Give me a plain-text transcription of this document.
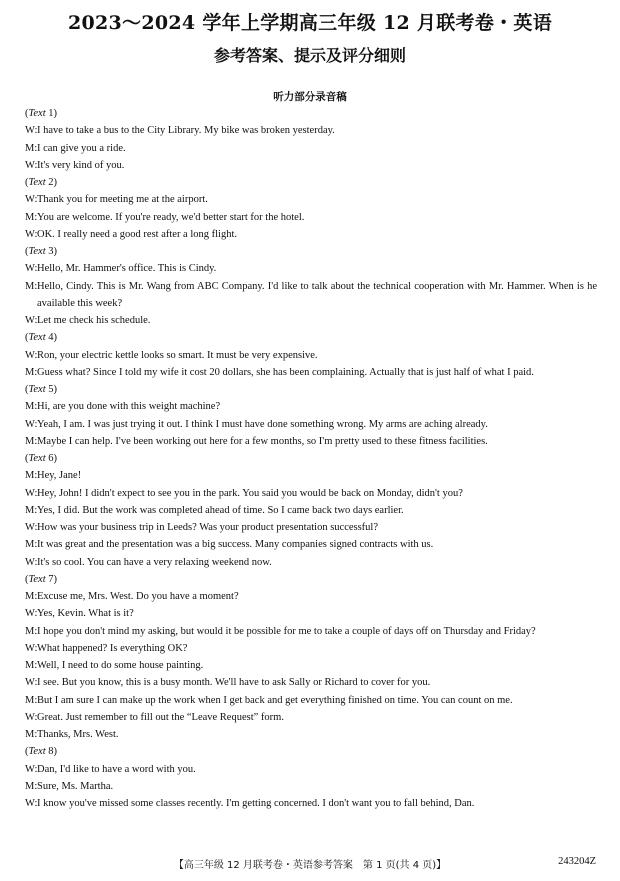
2023～2024 学年上学期高三年级 12 月联考卷・英语
参考答案、提示及评分细则
听力部分录音稿
(Text 1)
W: I have to take a bus to the City Library. My bike was broken yesterday.
M: I can give you a ride.
W: It's very kind of you.
(Text 2)
W: Thank you for meeting me at the airport.
M: You are welcome. If you're ready, we'd better start for the hotel.
W: OK. I really need a good rest after a long flight.
(Text 3)
W: Hello, Mr. Hammer's office. This is Cindy.
M: Hello, Cindy. This is Mr. Wang from ABC Company. I'd like to talk about the technical cooperation with Mr. Hammer. When is he available this week?
W: Let me check his schedule.
(Text 4)
W: Ron, your electric kettle looks so smart. It must be very expensive.
M: Guess what? Since I told my wife it cost 20 dollars, she has been complaining. Actually that is just half of what I paid.
(Text 5)
M: Hi, are you done with this weight machine?
W: Yeah, I am. I was just trying it out. I think I must have done something wrong. My arms are aching already.
M: Maybe I can help. I've been working out here for a few months, so I'm pretty used to these fitness facilities.
(Text 6)
M: Hey, Jane!
W: Hey, John! I didn't expect to see you in the park. You said you would be back on Monday, didn't you?
M: Yes, I did. But the work was completed ahead of time. So I came back two days earlier.
W: How was your business trip in Leeds? Was your product presentation successful?
M: It was great and the presentation was a big success. Many companies signed contracts with us.
W: It's so cool. You can have a very relaxing weekend now.
(Text 7)
M: Excuse me, Mrs. West. Do you have a moment?
W: Yes, Kevin. What is it?
M: I hope you don't mind my asking, but would it be possible for me to take a couple of days off on Thursday and Friday?
W: What happened? Is everything OK?
M: Well, I need to do some house painting.
W: I see. But you know, this is a busy month. We'll have to ask Sally or Richard to cover for you.
M: But I am sure I can make up the work when I get back and get everything finished on time. You can count on me.
W: Great. Just remember to fill out the “Leave Request” form.
M: Thanks, Mrs. West.
(Text 8)
W: Dan, I'd like to have a word with you.
M: Sure, Ms. Martha.
W: I know you've missed some classes recently. I'm getting concerned. I don't want you to fall behind, Dan.
【高三年级 12 月联考卷・英语参考答案　第 1 页(共 4 页)】	243204Z
